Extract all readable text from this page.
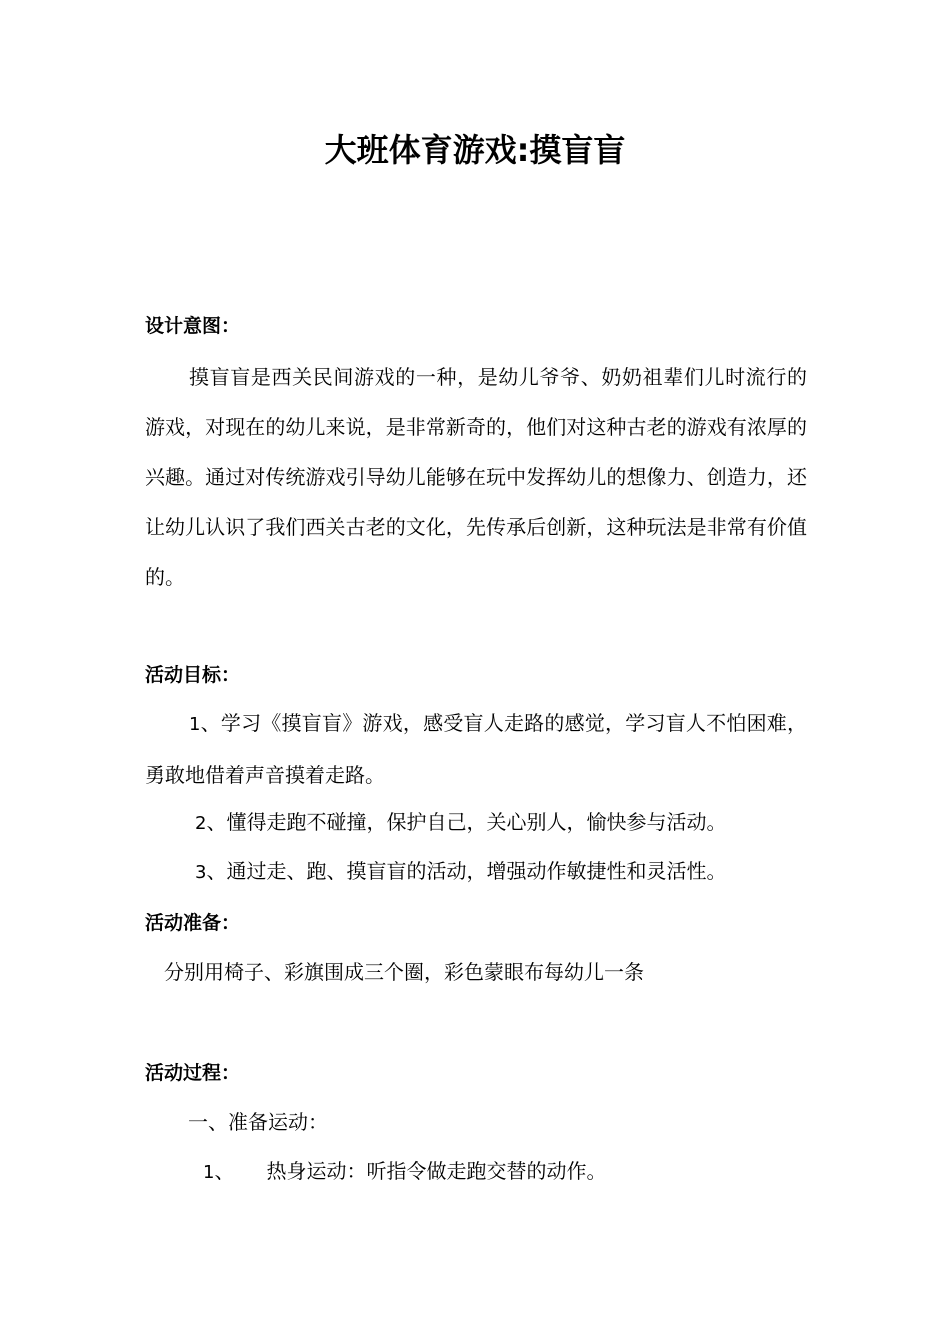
大班体育游戏:摸盲盲
设计意图：
摸盲盲是西关民间游戏的一种，是幼儿爷爷、奶奶祖辈们儿时流行的游戏，对现在的幼儿来说，是非常新奇的，他们对这种古老的游戏有浓厚的兴趣。通过对传统游戏引导幼儿能够在玩中发挥幼儿的想像力、创造力，还让幼儿认识了我们西关古老的文化，先传承后创新，这种玩法是非常有价值的。
活动目标：
1、学习《摸盲盲》游戏，感受盲人走路的感觉，学习盲人不怕困难，勇敢地借着声音摸着走路。
2、懂得走跑不碰撞，保护自己，关心别人，愉快参与活动。
3、通过走、跑、摸盲盲的活动，增强动作敏捷性和灵活性。
活动准备：
分别用椅子、彩旗围成三个圈，彩色蒙眼布每幼儿一条
活动过程：
一、准备运动：
1、 热身运动：听指令做走跑交替的动作。
